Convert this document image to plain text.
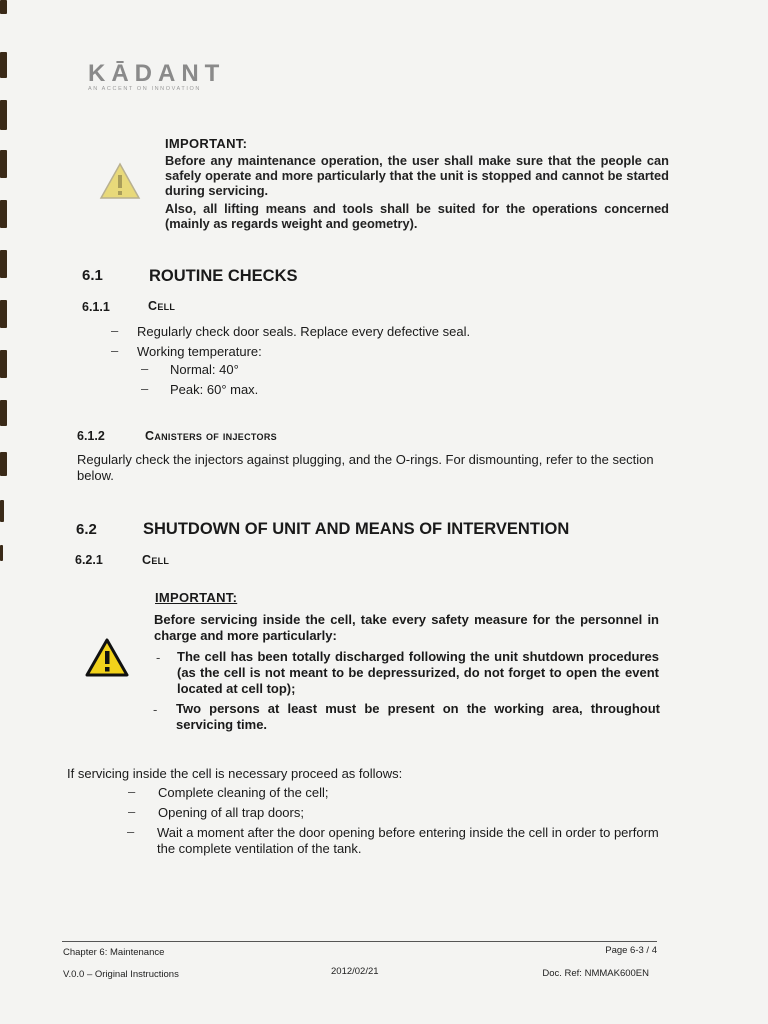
KĀDANT
AN ACCENT ON INNOVATION
IMPORTANT:
Before any maintenance operation, the user shall make sure that the people can safely operate and more particularly that the unit is stopped and cannot be started during servicing.
Also, all lifting means and tools shall be suited for the operations concerned (mainly as regards weight and geometry).
6.1	ROUTINE CHECKS
6.1.1	Cell
– Regularly check door seals. Replace every defective seal.
– Working temperature:
– Normal: 40°
– Peak: 60° max.
6.1.2	Canisters of injectors
Regularly check the injectors against plugging, and the O-rings. For dismounting, refer to the section below.
6.2	SHUTDOWN OF UNIT AND MEANS OF INTERVENTION
6.2.1	Cell
IMPORTANT:
Before servicing inside the cell, take every safety measure for the personnel in charge and more particularly:
- The cell has been totally discharged following the unit shutdown procedures (as the cell is not meant to be depressurized, do not forget to open the event located at cell top);
- Two persons at least must be present on the working area, throughout servicing time.
If servicing inside the cell is necessary proceed as follows:
– Complete cleaning of the cell;
– Opening of all trap doors;
– Wait a moment after the door opening before entering inside the cell in order to perform the complete ventilation of the tank.
Chapter 6: Maintenance	Page 6-3 / 4
V.0.0 – Original Instructions	2012/02/21	Doc. Ref: NMMAK600EN
